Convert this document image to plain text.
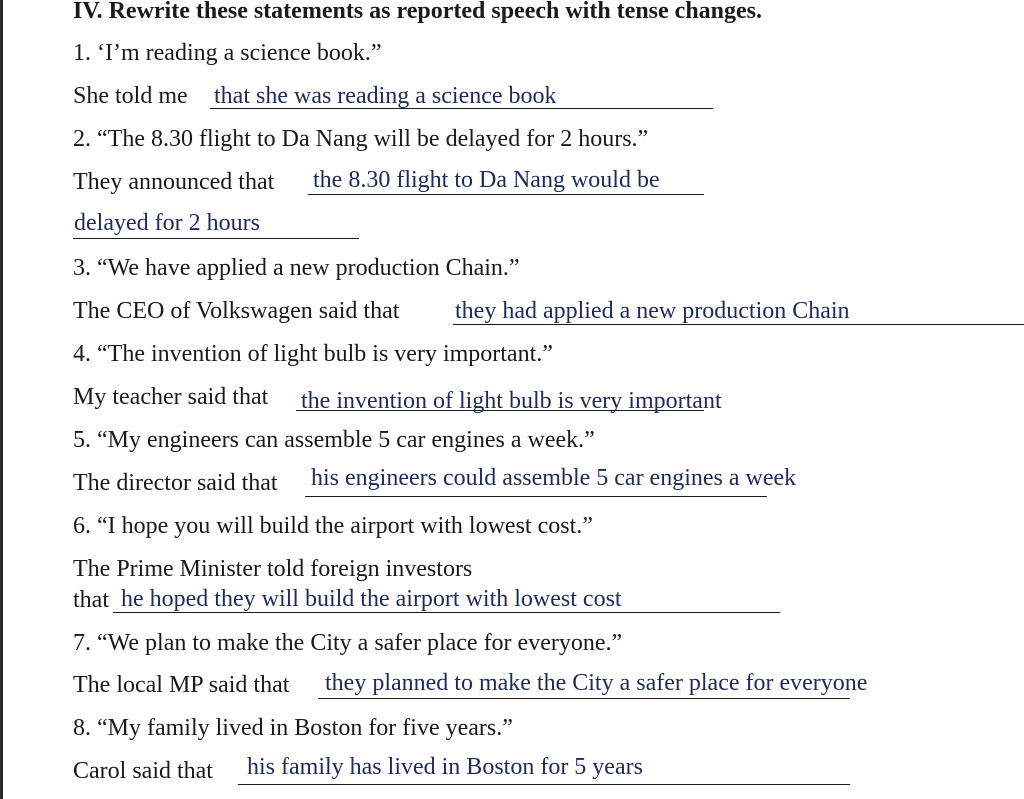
IV. Rewrite these statements as reported speech with tense changes.
1. ‘I’m reading a science book.”
She told me that she was reading a science book
2. “The 8.30 flight to Da Nang will be delayed for 2 hours.”
They announced that the 8.30 flight to Da Nang would be
delayed for 2 hours
3. “We have applied a new production Chain.”
The CEO of Volkswagen said that they had applied a new production Chain
4. “The invention of light bulb is very important.”
My teacher said that the invention of light bulb is very important
5. “My engineers can assemble 5 car engines a week.”
The director said that his engineers could assemble 5 car engines a week
6. “I hope you will build the airport with lowest cost.”
The Prime Minister told foreign investors
that he hoped they will build the airport with lowest cost
7. “We plan to make the City a safer place for everyone.”
The local MP said that they planned to make the City a safer place for everyone
8. “My family lived in Boston for five years.”
Carol said that his family has lived in Boston for 5 years
